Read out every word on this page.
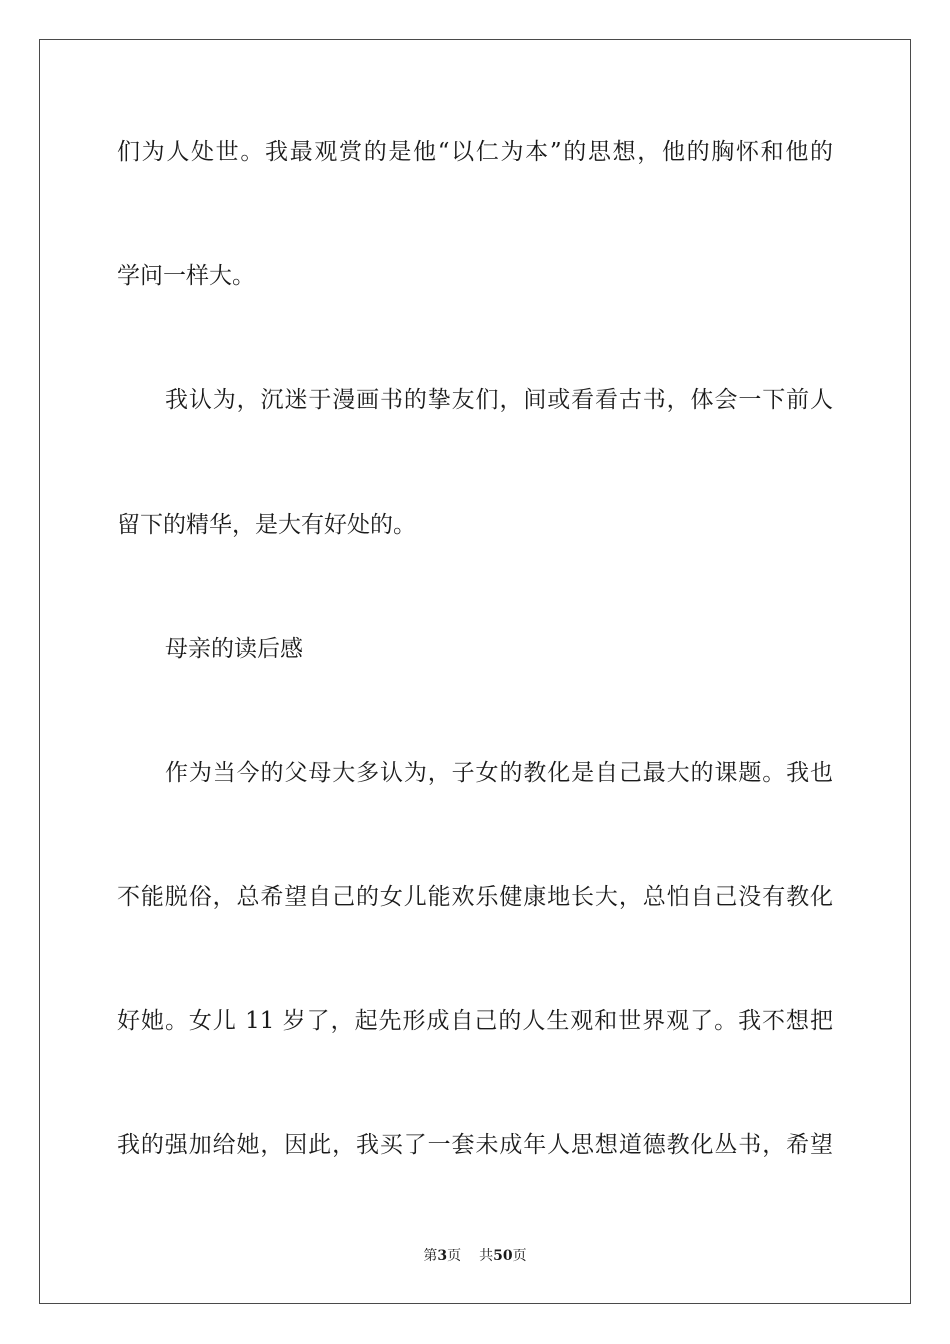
们为人处世。我最观赏的是他“以仁为本”的思想，他的胸怀和他的
学问一样大。
我认为，沉迷于漫画书的挚友们，间或看看古书，体会一下前人
留下的精华，是大有好处的。
母亲的读后感
作为当今的父母大多认为，子女的教化是自己最大的课题。我也
不能脱俗，总希望自己的女儿能欢乐健康地长大，总怕自己没有教化
好她。女儿 11 岁了，起先形成自己的人生观和世界观了。我不想把
我的强加给她，因此，我买了一套未成年人思想道德教化丛书，希望
第3页 共50页
